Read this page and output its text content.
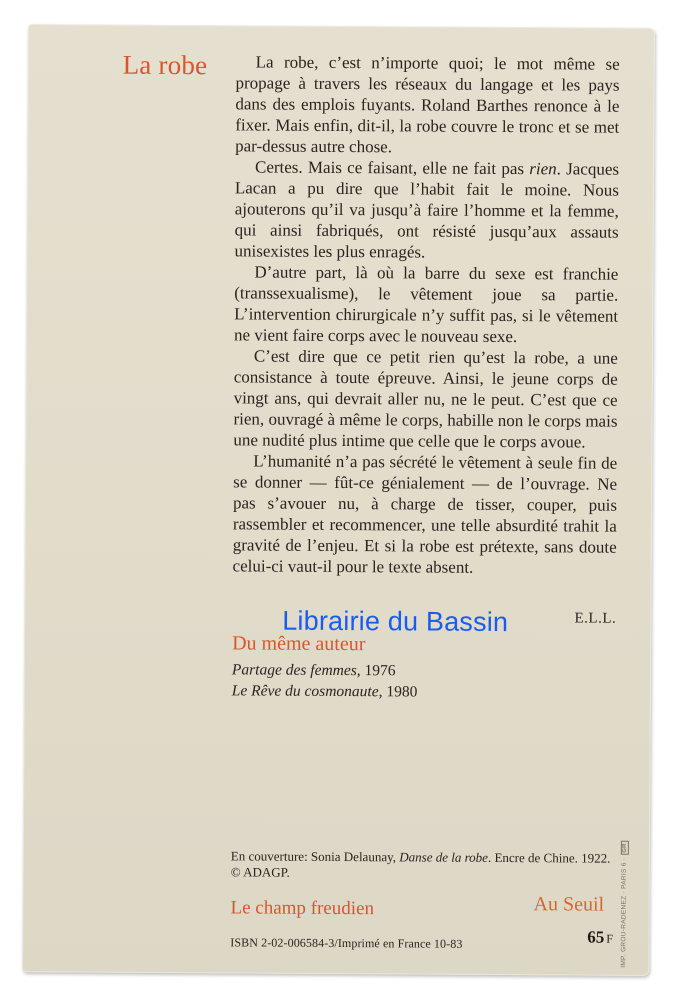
La robe	La robe, c’est n’importe quoi; le mot même se propage à travers les réseaux du langage et les pays dans des emplois fuyants. Roland Barthes renonce à le fixer. Mais enfin, dit-il, la robe couvre le tronc et se met par-dessus autre chose.

Certes. Mais ce faisant, elle ne fait pas rien. Jacques Lacan a pu dire que l’habit fait le moine. Nous ajouterons qu’il va jusqu’à faire l’homme et la femme, qui ainsi fabriqués, ont résisté jusqu’aux assauts unisexistes les plus enragés.

D’autre part, là où la barre du sexe est franchie (transsexualisme), le vêtement joue sa partie. L’intervention chirurgicale n’y suffit pas, si le vêtement ne vient faire corps avec le nouveau sexe.

C’est dire que ce petit rien qu’est la robe, a une consistance à toute épreuve. Ainsi, le jeune corps de vingt ans, qui devrait aller nu, ne le peut. C’est que ce rien, ouvragé à même le corps, habille non le corps mais une nudité plus intime que celle que le corps avoue.

L’humanité n’a pas sécrété le vêtement à seule fin de se donner — fût-ce génialement — de l’ouvrage. Ne pas s’avouer nu, à charge de tisser, couper, puis rassembler et recommencer, une telle absurdité trahit la gravité de l’enjeu. Et si la robe est prétexte, sans doute celui-ci vaut-il pour le texte absent.

E.L.L.
Librairie du Bassin
Du même auteur
Partage des femmes, 1976
Le Rêve du cosmonaute, 1980
En couverture: Sonia Delaunay, Danse de la robe. Encre de Chine. 1922.
© ADAGP.
Le champ freudien	Au Seuil
ISBN 2-02-006584-3/Imprimé en France 10-83	65 F IMP. GROU-RADENEZ · PARIS 6 ·GR
